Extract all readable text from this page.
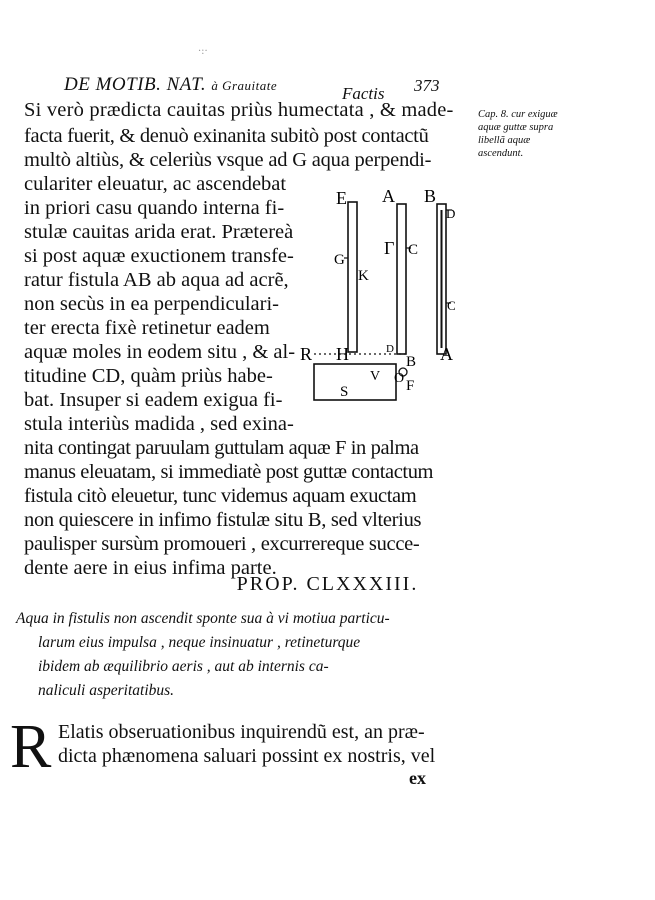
·:·
DE MOTIB. NAT. à Grauitate	Factis 373
Cap. 8. cur exiguæ aquæ guttæ supra libellã aquæ ascendunt.
Si verò prædicta cauitas priùs humectata , & made-
facta fuerit, & denuò exinanita subitò post contactũ
multò altiùs, & celeriùs vsque ad G aqua perpendi-
culariter eleuatur, ac ascendebat
in priori casu quando interna fi-
stulæ cauitas arida erat. Prætereà
si post aquæ exuctionem transfe-
ratur fistula AB ab aqua ad acrẽ,
non secùs in ea perpendiculari-
ter erecta fixè retinetur eadem
aquæ moles in eodem situ , & al-
titudine CD, quàm priùs habe-
bat. Insuper si eadem exigua fi-
stula interiùs madida , sed exina-
nita contingat paruulam guttulam aquæ F in palma
manus eleuatam, si immediatè post guttæ contactum
fistula citò eleuetur, tunc videmus aquam exuctam
non quiescere in infimo fistulæ situ B, sed vlterius
paulisper sursùm promoueri , excurrereque succe-
dente aere in eius infima parte.
E A B
D
G
Γ C
K
C
R H	D
B
V O
A
F
S
PROP. CLXXXIII.
Aqua in fistulis non ascendit sponte sua à vi motiua particu-
larum eius impulsa , neque insinuatur , retineturque
ibidem ab æquilibrio aeris , aut ab internis ca-
naliculi asperitatibus.
R Elatis obseruationibus inquirendũ est, an præ-
dicta phænomena saluari possint ex nostris, vel
ex
